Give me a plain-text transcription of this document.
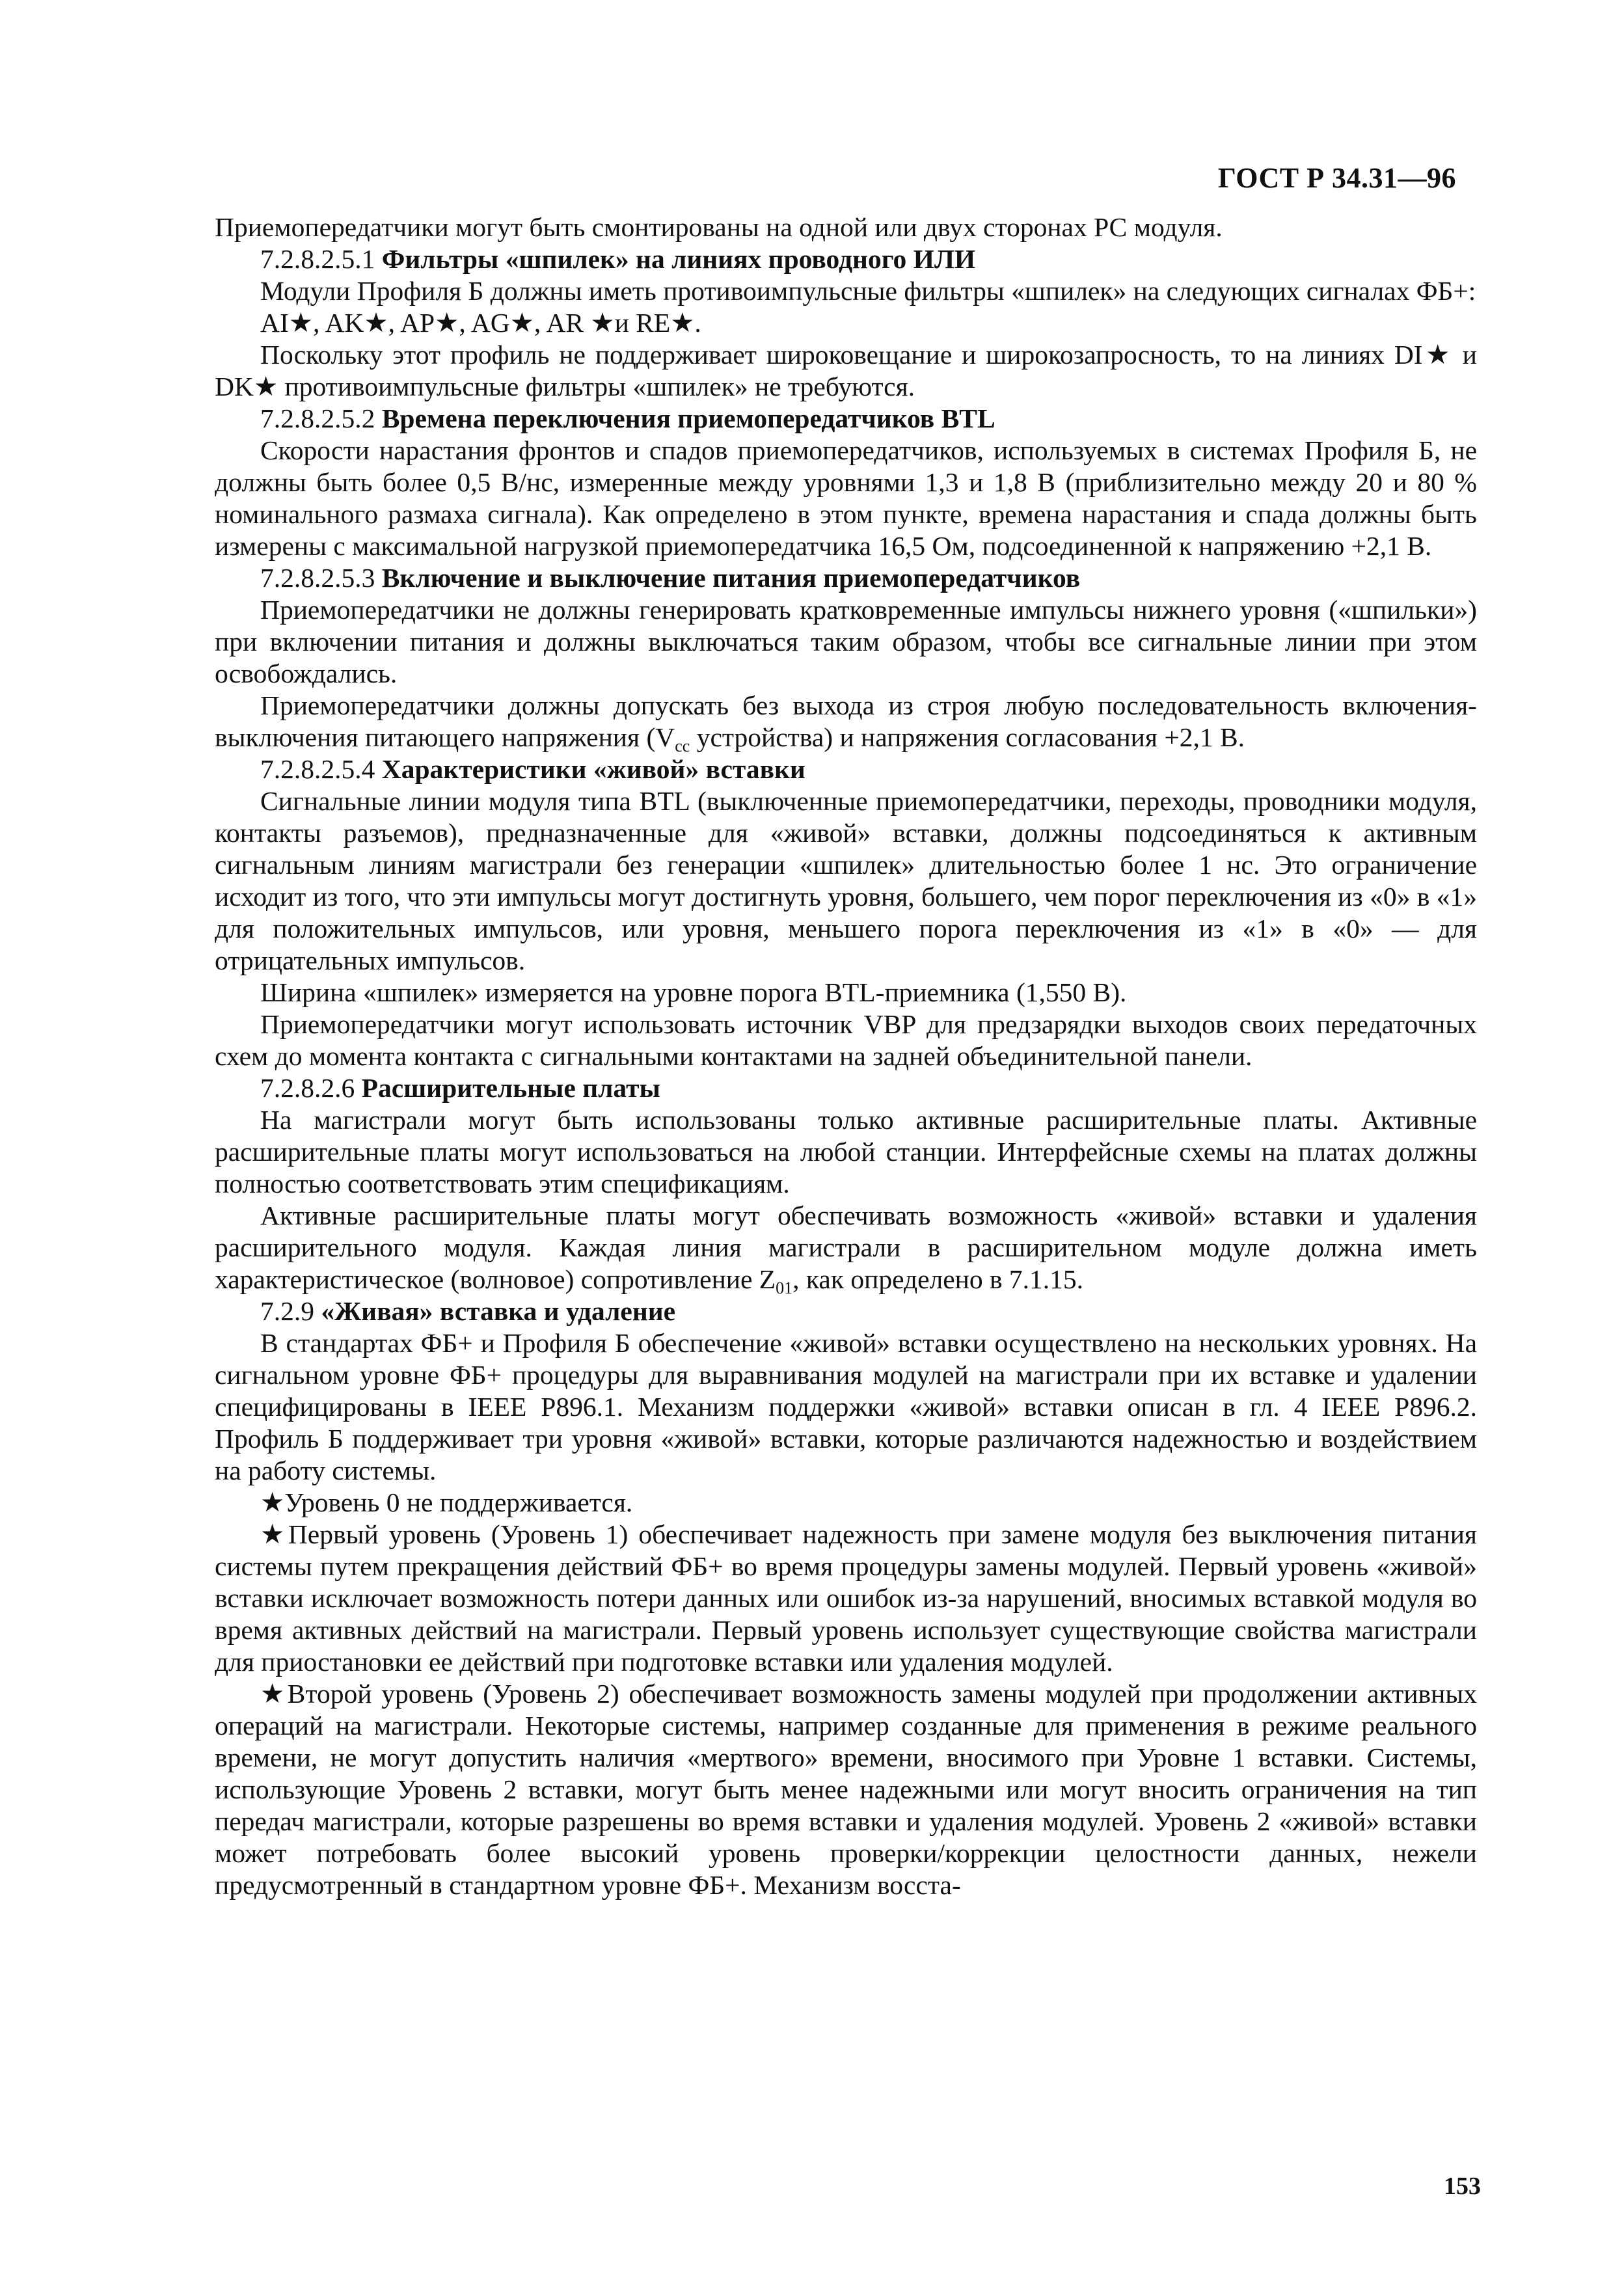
ГОСТ Р 34.31—96

Приемопередатчики могут быть смонтированы на одной или двух сторонах РС модуля.

7.2.8.2.5.1 Фильтры «шпилек» на линиях проводного ИЛИ

Модули Профиля Б должны иметь противоимпульсные фильтры «шпилек» на следующих сигналах ФБ+:

AI★, AK★, AP★, AG★, AR ★и RE★.

Поскольку этот профиль не поддерживает широковещание и широкозапросность, то на линиях DI★ и DK★ противоимпульсные фильтры «шпилек» не требуются.

7.2.8.2.5.2 Времена переключения приемопередатчиков BTL

Скорости нарастания фронтов и спадов приемопередатчиков, используемых в системах Профиля Б, не должны быть более 0,5 В/нс, измеренные между уровнями 1,3 и 1,8 В (приблизительно между 20 и 80 % номинального размаха сигнала). Как определено в этом пункте, времена нарастания и спада должны быть измерены с максимальной нагрузкой приемопередатчика 16,5 Ом, подсоединенной к напряжению +2,1 В.

7.2.8.2.5.3 Включение и выключение питания приемопередатчиков

Приемопередатчики не должны генерировать кратковременные импульсы нижнего уровня («шпильки») при включении питания и должны выключаться таким образом, чтобы все сигнальные линии при этом освобождались.

Приемопередатчики должны допускать без выхода из строя любую последовательность включения-выключения питающего напряжения ($V_{cc}$ устройства) и напряжения согласования +2,1 В.

7.2.8.2.5.4 Характеристики «живой» вставки

Сигнальные линии модуля типа BTL (выключенные приемопередатчики, переходы, проводники модуля, контакты разъемов), предназначенные для «живой» вставки, должны подсоединяться к активным сигнальным линиям магистрали без генерации «шпилек» длительностью более 1 нс. Это ограничение исходит из того, что эти импульсы могут достигнуть уровня, большего, чем порог переключения из «0» в «1» для положительных импульсов, или уровня, меньшего порога переключения из «1» в «0» — для отрицательных импульсов.

Ширина «шпилек» измеряется на уровне порога BTL-приемника (1,550 В).

Приемопередатчики могут использовать источник VBP для предзарядки выходов своих передаточных схем до момента контакта с сигнальными контактами на задней объединительной панели.

7.2.8.2.6 Расширительные платы

На магистрали могут быть использованы только активные расширительные платы. Активные расширительные платы могут использоваться на любой станции. Интерфейсные схемы на платах должны полностью соответствовать этим спецификациям.

Активные расширительные платы могут обеспечивать возможность «живой» вставки и удаления расширительного модуля. Каждая линия магистрали в расширительном модуле должна иметь характеристическое (волновое) сопротивление $Z_{01}$, как определено в 7.1.15.

7.2.9 «Живая» вставка и удаление

В стандартах ФБ+ и Профиля Б обеспечение «живой» вставки осуществлено на нескольких уровнях. На сигнальном уровне ФБ+ процедуры для выравнивания модулей на магистрали при их вставке и удалении специфицированы в IEEE P896.1. Механизм поддержки «живой» вставки описан в гл. 4 IEEE P896.2. Профиль Б поддерживает три уровня «живой» вставки, которые различаются надежностью и воздействием на работу системы.

★Уровень 0 не поддерживается.

★Первый уровень (Уровень 1) обеспечивает надежность при замене модуля без выключения питания системы путем прекращения действий ФБ+ во время процедуры замены модулей. Первый уровень «живой» вставки исключает возможность потери данных или ошибок из-за нарушений, вносимых вставкой модуля во время активных действий на магистрали. Первый уровень использует существующие свойства магистрали для приостановки ее действий при подготовке вставки или удаления модулей.

★Второй уровень (Уровень 2) обеспечивает возможность замены модулей при продолжении активных операций на магистрали. Некоторые системы, например созданные для применения в режиме реального времени, не могут допустить наличия «мертвого» времени, вносимого при Уровне 1 вставки. Системы, использующие Уровень 2 вставки, могут быть менее надежными или могут вносить ограничения на тип передач магистрали, которые разрешены во время вставки и удаления модулей. Уровень 2 «живой» вставки может потребовать более высокий уровень проверки/коррекции целостности данных, нежели предусмотренный в стандартном уровне ФБ+. Механизм восста-

153
